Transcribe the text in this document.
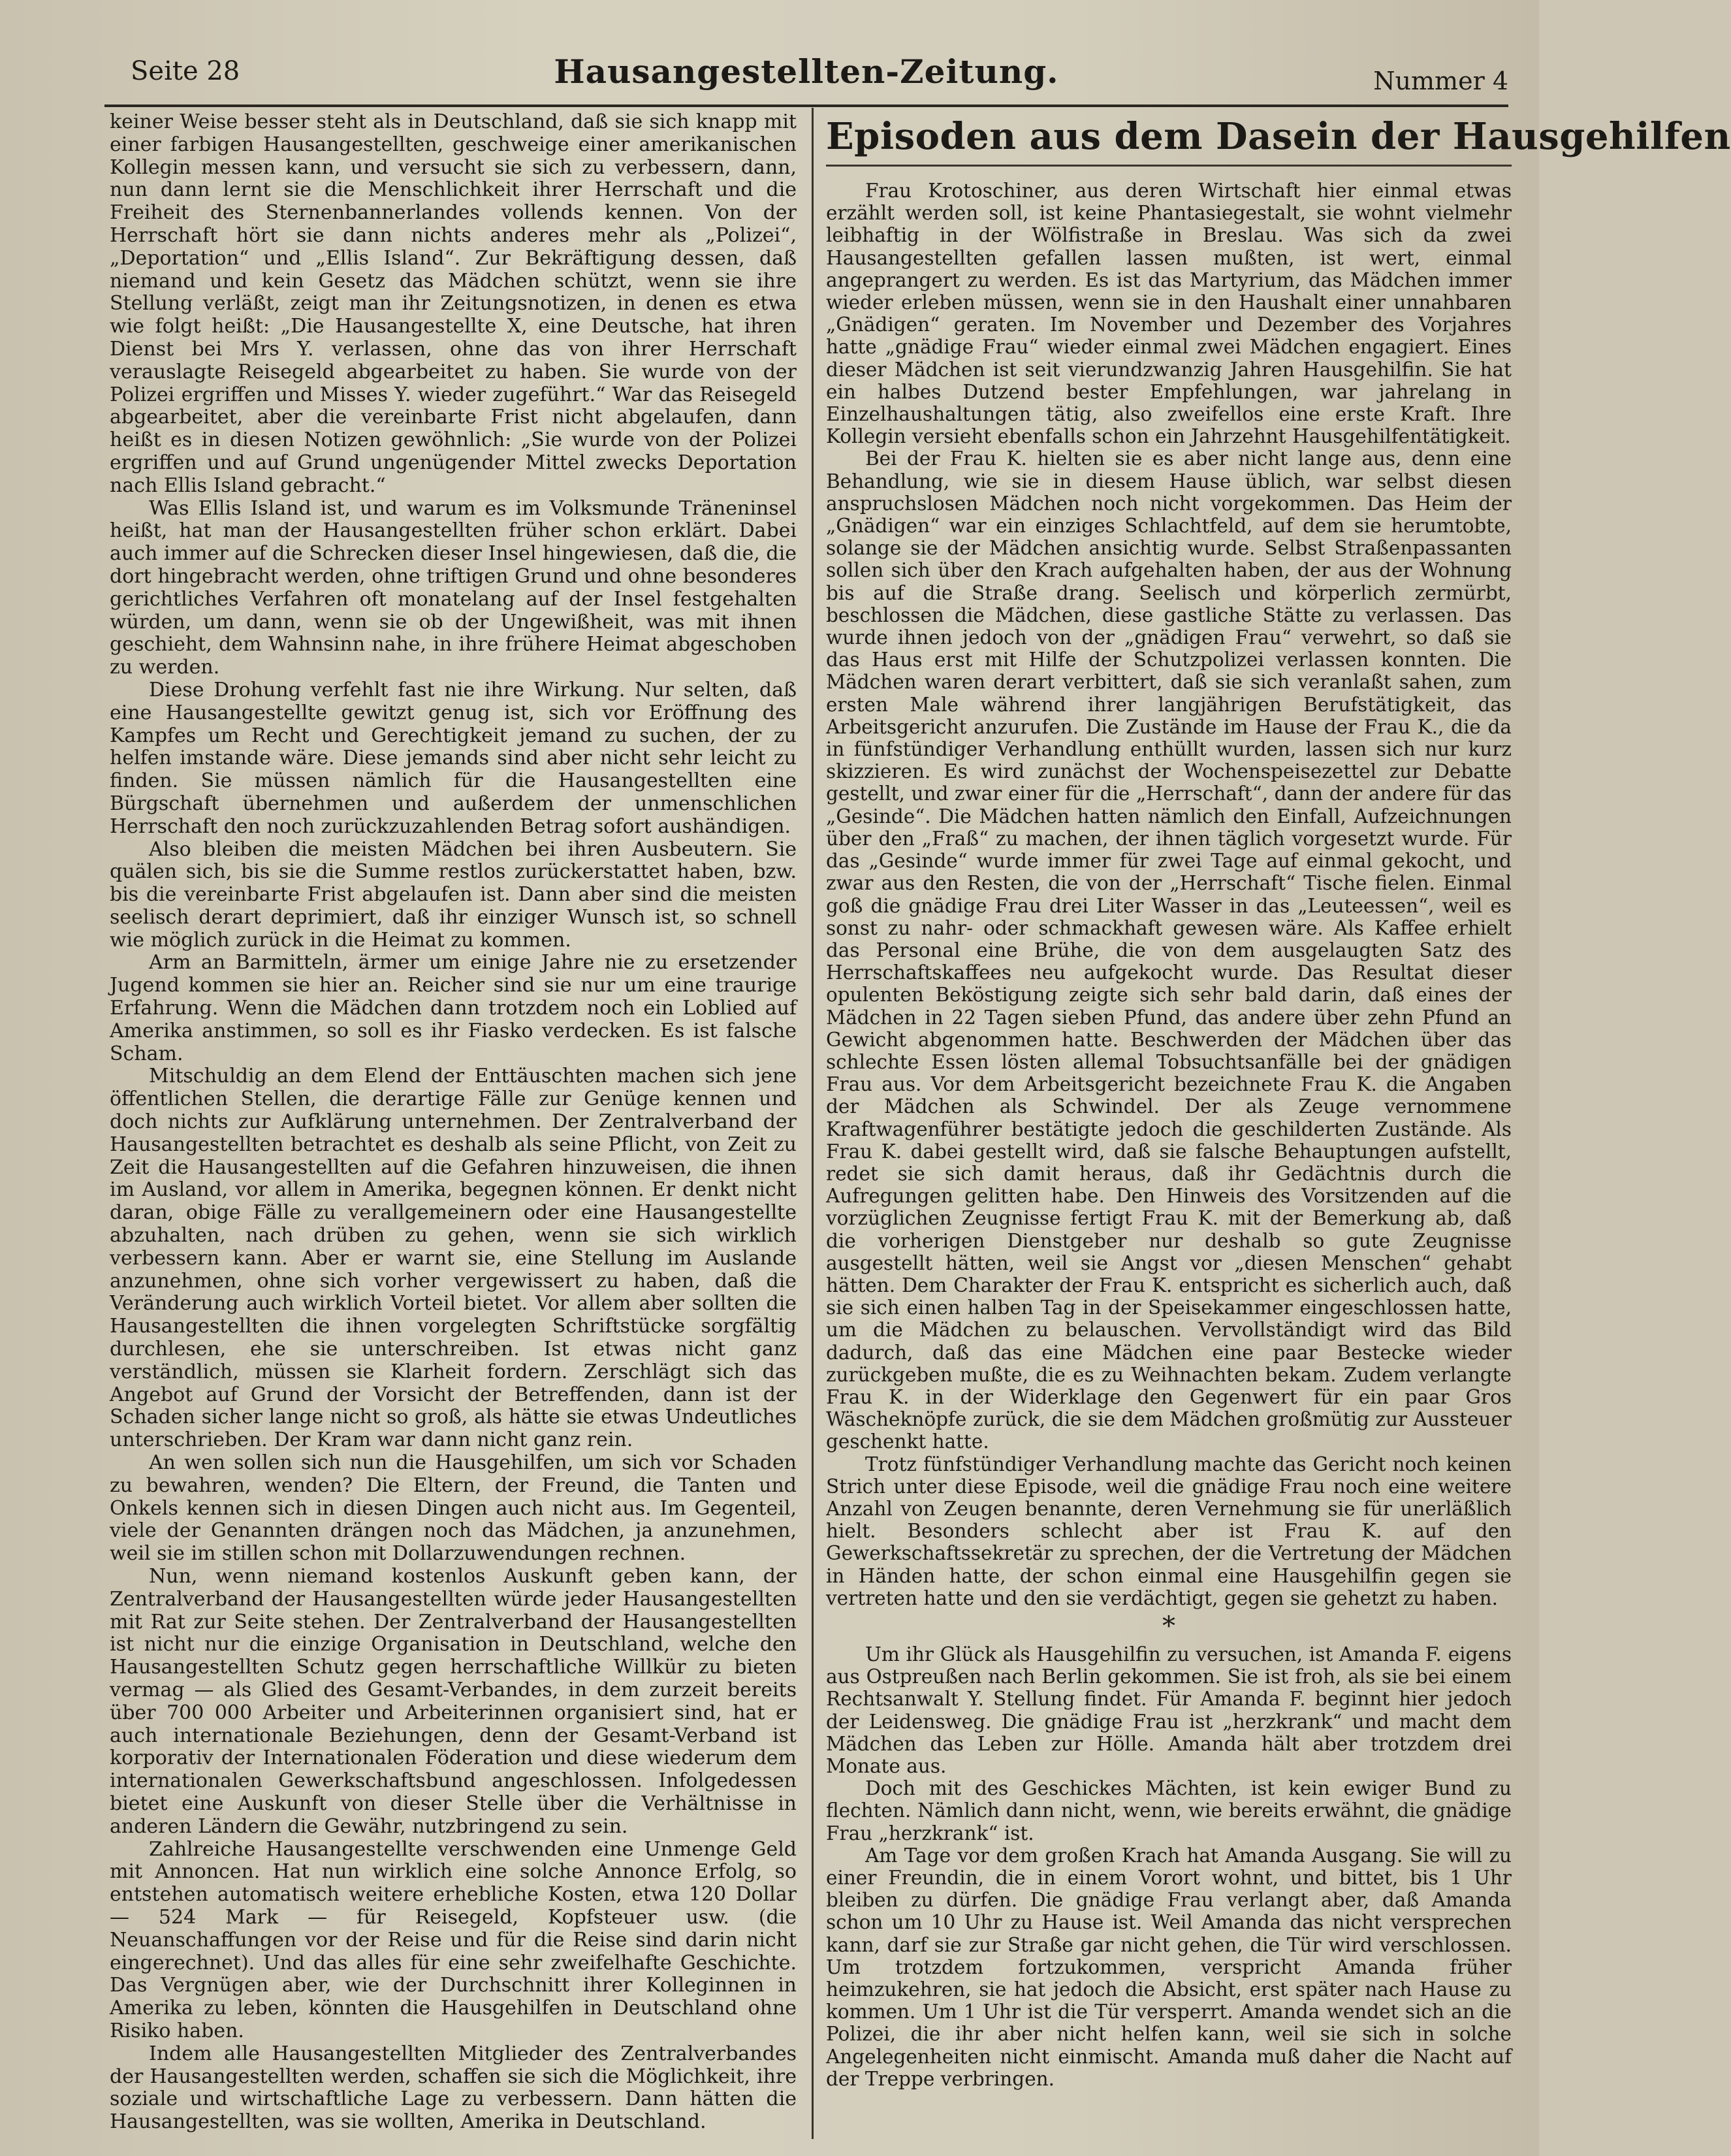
Seite 28	Hausangestellten-Zeitung.	Nummer 4

keiner Weise besser steht als in Deutschland, daß sie sich knapp mit einer farbigen Hausangestellten, geschweige einer amerikanischen Kollegin messen kann, und versucht sie sich zu verbessern, dann, nun dann lernt sie die Menschlichkeit ihrer Herrschaft und die Freiheit des Sternenbannerlandes vollends kennen. Von der Herrschaft hört sie dann nichts anderes mehr als „Polizei“, „Deportation“ und „Ellis Island“. Zur Bekräftigung dessen, daß niemand und kein Gesetz das Mädchen schützt, wenn sie ihre Stellung verläßt, zeigt man ihr Zeitungsnotizen, in denen es etwa wie folgt heißt: „Die Hausangestellte X, eine Deutsche, hat ihren Dienst bei Mrs Y. verlassen, ohne das von ihrer Herrschaft verauslagte Reisegeld abgearbeitet zu haben. Sie wurde von der Polizei ergriffen und Misses Y. wieder zugeführt.“ War das Reisegeld abgearbeitet, aber die vereinbarte Frist nicht abgelaufen, dann heißt es in diesen Notizen gewöhnlich: „Sie wurde von der Polizei ergriffen und auf Grund ungenügender Mittel zwecks Deportation nach Ellis Island gebracht.“

Was Ellis Island ist, und warum es im Volksmunde Träneninsel heißt, hat man der Hausangestellten früher schon erklärt. Dabei auch immer auf die Schrecken dieser Insel hingewiesen, daß die, die dort hingebracht werden, ohne triftigen Grund und ohne besonderes gerichtliches Verfahren oft monatelang auf der Insel festgehalten würden, um dann, wenn sie ob der Ungewißheit, was mit ihnen geschieht, dem Wahnsinn nahe, in ihre frühere Heimat abgeschoben zu werden.

Diese Drohung verfehlt fast nie ihre Wirkung. Nur selten, daß eine Hausangestellte gewitzt genug ist, sich vor Eröffnung des Kampfes um Recht und Gerechtigkeit jemand zu suchen, der zu helfen imstande wäre. Diese jemands sind aber nicht sehr leicht zu finden. Sie müssen nämlich für die Hausangestellten eine Bürgschaft übernehmen und außerdem der unmenschlichen Herrschaft den noch zurückzuzahlenden Betrag sofort aushändigen.

Also bleiben die meisten Mädchen bei ihren Ausbeutern. Sie quälen sich, bis sie die Summe restlos zurückerstattet haben, bzw. bis die vereinbarte Frist abgelaufen ist. Dann aber sind die meisten seelisch derart deprimiert, daß ihr einziger Wunsch ist, so schnell wie möglich zurück in die Heimat zu kommen.

Arm an Barmitteln, ärmer um einige Jahre nie zu ersetzender Jugend kommen sie hier an. Reicher sind sie nur um eine traurige Erfahrung. Wenn die Mädchen dann trotzdem noch ein Loblied auf Amerika anstimmen, so soll es ihr Fiasko verdecken. Es ist falsche Scham.

Mitschuldig an dem Elend der Enttäuschten machen sich jene öffentlichen Stellen, die derartige Fälle zur Genüge kennen und doch nichts zur Aufklärung unternehmen. Der Zentralverband der Hausangestellten betrachtet es deshalb als seine Pflicht, von Zeit zu Zeit die Hausangestellten auf die Gefahren hinzuweisen, die ihnen im Ausland, vor allem in Amerika, begegnen können. Er denkt nicht daran, obige Fälle zu verallgemeinern oder eine Hausangestellte abzuhalten, nach drüben zu gehen, wenn sie sich wirklich verbessern kann. Aber er warnt sie, eine Stellung im Auslande anzunehmen, ohne sich vorher vergewissert zu haben, daß die Veränderung auch wirklich Vorteil bietet. Vor allem aber sollten die Hausangestellten die ihnen vorgelegten Schriftstücke sorgfältig durchlesen, ehe sie unterschreiben. Ist etwas nicht ganz verständlich, müssen sie Klarheit fordern. Zerschlägt sich das Angebot auf Grund der Vorsicht der Betreffenden, dann ist der Schaden sicher lange nicht so groß, als hätte sie etwas Undeutliches unterschrieben. Der Kram war dann nicht ganz rein.

An wen sollen sich nun die Hausgehilfen, um sich vor Schaden zu bewahren, wenden? Die Eltern, der Freund, die Tanten und Onkels kennen sich in diesen Dingen auch nicht aus. Im Gegenteil, viele der Genannten drängen noch das Mädchen, ja anzunehmen, weil sie im stillen schon mit Dollarzuwendungen rechnen.

Nun, wenn niemand kostenlos Auskunft geben kann, der Zentralverband der Hausangestellten würde jeder Hausangestellten mit Rat zur Seite stehen. Der Zentralverband der Hausangestellten ist nicht nur die einzige Organisation in Deutschland, welche den Hausangestellten Schutz gegen herrschaftliche Willkür zu bieten vermag — als Glied des Gesamt-Verbandes, in dem zurzeit bereits über 700 000 Arbeiter und Arbeiterinnen organisiert sind, hat er auch internationale Beziehungen, denn der Gesamt-Verband ist korporativ der Internationalen Föderation und diese wiederum dem internationalen Gewerkschaftsbund angeschlossen. Infolgedessen bietet eine Auskunft von dieser Stelle über die Verhältnisse in anderen Ländern die Gewähr, nutzbringend zu sein.

Zahlreiche Hausangestellte verschwenden eine Unmenge Geld mit Annoncen. Hat nun wirklich eine solche Annonce Erfolg, so entstehen automatisch weitere erhebliche Kosten, etwa 120 Dollar — 524 Mark — für Reisegeld, Kopfsteuer usw. (die Neuanschaffungen vor der Reise und für die Reise sind darin nicht eingerechnet). Und das alles für eine sehr zweifelhafte Geschichte. Das Vergnügen aber, wie der Durchschnitt ihrer Kolleginnen in Amerika zu leben, könnten die Hausgehilfen in Deutschland ohne Risiko haben.

Indem alle Hausangestellten Mitglieder des Zentralverbandes der Hausangestellten werden, schaffen sie sich die Möglichkeit, ihre soziale und wirtschaftliche Lage zu verbessern. Dann hätten die Hausangestellten, was sie wollten, Amerika in Deutschland.

Episoden aus dem Dasein der Hausgehilfen

Frau Krotoschiner, aus deren Wirtschaft hier einmal etwas erzählt werden soll, ist keine Phantasiegestalt, sie wohnt vielmehr leibhaftig in der Wölfistraße in Breslau. Was sich da zwei Hausangestellten gefallen lassen mußten, ist wert, einmal angeprangert zu werden. Es ist das Martyrium, das Mädchen immer wieder erleben müssen, wenn sie in den Haushalt einer unnahbaren „Gnädigen“ geraten. Im November und Dezember des Vorjahres hatte „gnädige Frau“ wieder einmal zwei Mädchen engagiert. Eines dieser Mädchen ist seit vierundzwanzig Jahren Hausgehilfin. Sie hat ein halbes Dutzend bester Empfehlungen, war jahrelang in Einzelhaushaltungen tätig, also zweifellos eine erste Kraft. Ihre Kollegin versieht ebenfalls schon ein Jahrzehnt Hausgehilfentätigkeit.

Bei der Frau K. hielten sie es aber nicht lange aus, denn eine Behandlung, wie sie in diesem Hause üblich, war selbst diesen anspruchslosen Mädchen noch nicht vorgekommen. Das Heim der „Gnädigen“ war ein einziges Schlachtfeld, auf dem sie herumtobte, solange sie der Mädchen ansichtig wurde. Selbst Straßenpassanten sollen sich über den Krach aufgehalten haben, der aus der Wohnung bis auf die Straße drang. Seelisch und körperlich zermürbt, beschlossen die Mädchen, diese gastliche Stätte zu verlassen. Das wurde ihnen jedoch von der „gnädigen Frau“ verwehrt, so daß sie das Haus erst mit Hilfe der Schutzpolizei verlassen konnten. Die Mädchen waren derart verbittert, daß sie sich veranlaßt sahen, zum ersten Male während ihrer langjährigen Berufstätigkeit, das Arbeitsgericht anzurufen. Die Zustände im Hause der Frau K., die da in fünfstündiger Verhandlung enthüllt wurden, lassen sich nur kurz skizzieren. Es wird zunächst der Wochenspeisezettel zur Debatte gestellt, und zwar einer für die „Herrschaft“, dann der andere für das „Gesinde“. Die Mädchen hatten nämlich den Einfall, Aufzeichnungen über den „Fraß“ zu machen, der ihnen täglich vorgesetzt wurde. Für das „Gesinde“ wurde immer für zwei Tage auf einmal gekocht, und zwar aus den Resten, die von der „Herrschaft“ Tische fielen. Einmal goß die gnädige Frau drei Liter Wasser in das „Leuteessen“, weil es sonst zu nahr- oder schmackhaft gewesen wäre. Als Kaffee erhielt das Personal eine Brühe, die von dem ausgelaugten Satz des Herrschaftskaffees neu aufgekocht wurde. Das Resultat dieser opulenten Beköstigung zeigte sich sehr bald darin, daß eines der Mädchen in 22 Tagen sieben Pfund, das andere über zehn Pfund an Gewicht abgenommen hatte. Beschwerden der Mädchen über das schlechte Essen lösten allemal Tobsuchtsanfälle bei der gnädigen Frau aus. Vor dem Arbeitsgericht bezeichnete Frau K. die Angaben der Mädchen als Schwindel. Der als Zeuge vernommene Kraftwagenführer bestätigte jedoch die geschilderten Zustände. Als Frau K. dabei gestellt wird, daß sie falsche Behauptungen aufstellt, redet sie sich damit heraus, daß ihr Gedächtnis durch die Aufregungen gelitten habe. Den Hinweis des Vorsitzenden auf die vorzüglichen Zeugnisse fertigt Frau K. mit der Bemerkung ab, daß die vorherigen Dienstgeber nur deshalb so gute Zeugnisse ausgestellt hätten, weil sie Angst vor „diesen Menschen“ gehabt hätten. Dem Charakter der Frau K. entspricht es sicherlich auch, daß sie sich einen halben Tag in der Speisekammer eingeschlossen hatte, um die Mädchen zu belauschen. Vervollständigt wird das Bild dadurch, daß das eine Mädchen eine paar Bestecke wieder zurückgeben mußte, die es zu Weihnachten bekam. Zudem verlangte Frau K. in der Widerklage den Gegenwert für ein paar Gros Wäscheknöpfe zurück, die sie dem Mädchen großmütig zur Aussteuer geschenkt hatte.

Trotz fünfstündiger Verhandlung machte das Gericht noch keinen Strich unter diese Episode, weil die gnädige Frau noch eine weitere Anzahl von Zeugen benannte, deren Vernehmung sie für unerläßlich hielt. Besonders schlecht aber ist Frau K. auf den Gewerkschaftssekretär zu sprechen, der die Vertretung der Mädchen in Händen hatte, der schon einmal eine Hausgehilfin gegen sie vertreten hatte und den sie verdächtigt, gegen sie gehetzt zu haben.

*

Um ihr Glück als Hausgehilfin zu versuchen, ist Amanda F. eigens aus Ostpreußen nach Berlin gekommen. Sie ist froh, als sie bei einem Rechtsanwalt Y. Stellung findet. Für Amanda F. beginnt hier jedoch der Leidensweg. Die gnädige Frau ist „herzkrank“ und macht dem Mädchen das Leben zur Hölle. Amanda hält aber trotzdem drei Monate aus.

Doch mit des Geschickes Mächten, ist kein ewiger Bund zu flechten. Nämlich dann nicht, wenn, wie bereits erwähnt, die gnädige Frau „herzkrank“ ist.

Am Tage vor dem großen Krach hat Amanda Ausgang. Sie will zu einer Freundin, die in einem Vorort wohnt, und bittet, bis 1 Uhr bleiben zu dürfen. Die gnädige Frau verlangt aber, daß Amanda schon um 10 Uhr zu Hause ist. Weil Amanda das nicht versprechen kann, darf sie zur Straße gar nicht gehen, die Tür wird verschlossen. Um trotzdem fortzukommen, verspricht Amanda früher heimzukehren, sie hat jedoch die Absicht, erst später nach Hause zu kommen. Um 1 Uhr ist die Tür versperrt. Amanda wendet sich an die Polizei, die ihr aber nicht helfen kann, weil sie sich in solche Angelegenheiten nicht einmischt. Amanda muß daher die Nacht auf der Treppe verbringen.
